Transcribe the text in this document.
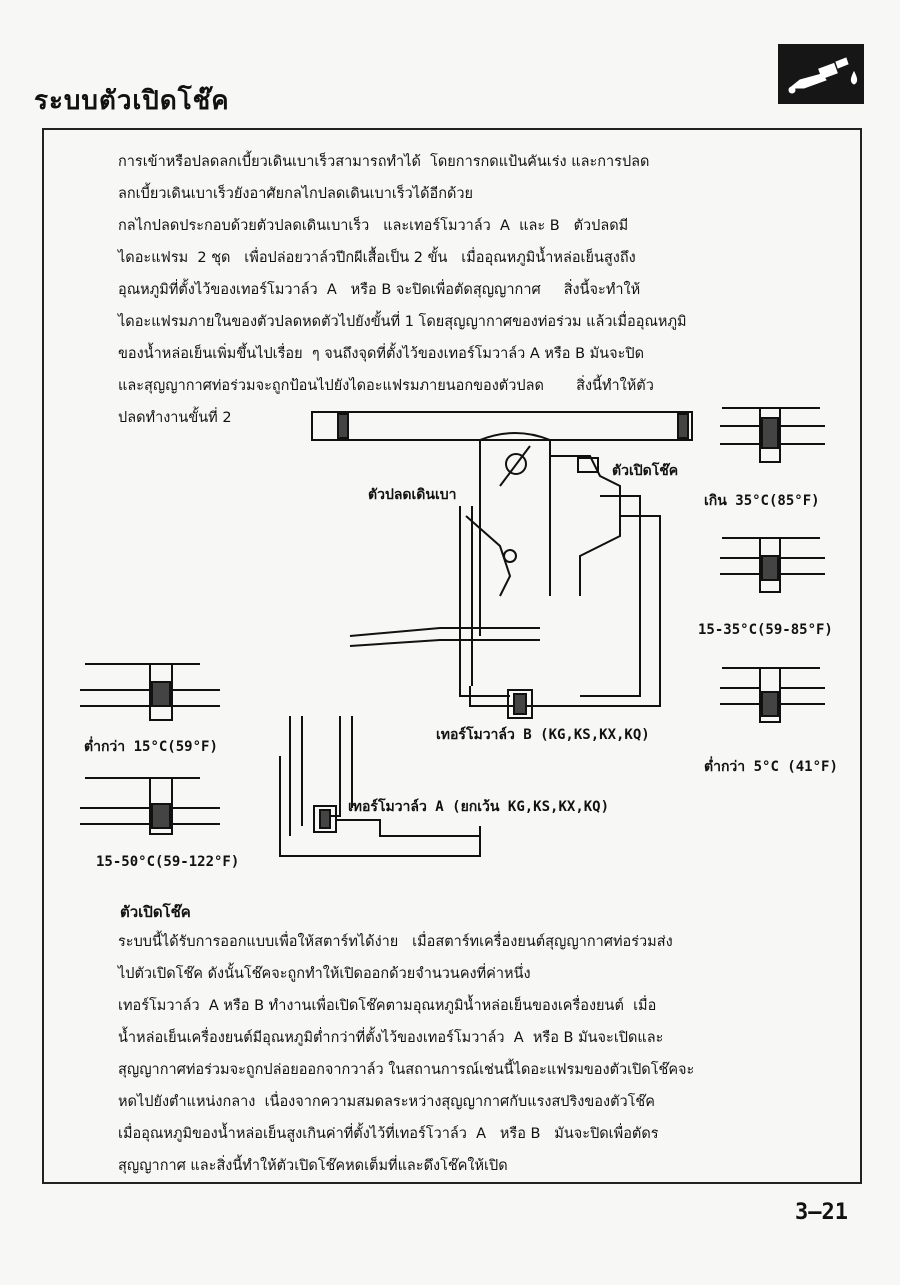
ระบบตัวเปิดโช๊ค
การเข้าหรือปลดลกเบี้ยวเดินเบาเร็วสามารถทำได้  โดยการกดแป้นคันเร่ง และการปลด
ลกเบี้ยวเดินเบาเร็วยังอาศัยกลไกปลดเดินเบาเร็วได้อีกด้วย
กลไกปลดประกอบด้วยตัวปลดเดินเบาเร็ว   และเทอร์โมวาล์ว  A  และ B   ตัวปลดมี
ไดอะแฟรม  2 ชุด   เพื่อปล่อยวาล์วปีกผีเสื้อเป็น 2 ขั้น   เมื่ออุณหภูมิน้ำหล่อเย็นสูงถึง
อุณหภูมิที่ตั้งไว้ของเทอร์โมวาล์ว  A   หรือ B จะปิดเพื่อตัดสุญญากาศ     สิ่งนี้จะทำให้
ไดอะแฟรมภายในของตัวปลดหดตัวไปยังขั้นที่ 1 โดยสุญญากาศของท่อร่วม แล้วเมื่ออุณหภูมิ
ของน้ำหล่อเย็นเพิ่มขึ้นไปเรื่อย  ๆ จนถึงจุดที่ตั้งไว้ของเทอร์โมวาล์ว A หรือ B มันจะปิด
และสุญญากาศท่อร่วมจะถูกป้อนไปยังไดอะแฟรมภายนอกของตัวปลด       สิ่งนี้ทำให้ตัว
ปลดทำงานขั้นที่ 2
ตัวปลดเดินเบา
ตัวเปิดโช๊ค
เทอร์โมวาล์ว B (KG,KS,KX,KQ)
เทอร์โมวาล์ว A (ยกเว้น KG,KS,KX,KQ)
เกิน 35°C(85°F)
15-35°C(59-85°F)
ต่ำกว่า 5°C (41°F)
ต่ำกว่า 15°C(59°F)
15-50°C(59-122°F)
ตัวเปิดโช๊ค
ระบบนี้ได้รับการออกแบบเพื่อให้สตาร์ทได้ง่าย   เมื่อสตาร์ทเครื่องยนต์สุญญากาศท่อร่วมส่ง
ไปตัวเปิดโช๊ค ดังนั้นโช๊คจะถูกทำให้เปิดออกด้วยจำนวนคงที่ค่าหนึ่ง
เทอร์โมวาล์ว  A หรือ B ทำงานเพื่อเปิดโช๊คตามอุณหภูมิน้ำหล่อเย็นของเครื่องยนต์  เมื่อ
น้ำหล่อเย็นเครื่องยนต์มีอุณหภูมิต่ำกว่าที่ตั้งไว้ของเทอร์โมวาล์ว  A  หรือ B มันจะเปิดและ
สุญญากาศท่อร่วมจะถูกปล่อยออกจากวาล์ว ในสถานการณ์เช่นนี้ไดอะแฟรมของตัวเปิดโช๊คจะ
หดไปยังตำแหน่งกลาง  เนื่องจากความสมดลระหว่างสุญญากาศกับแรงสปริงของตัวโช๊ค
เมื่ออุณหภูมิของน้ำหล่อเย็นสูงเกินค่าที่ตั้งไว้ที่เทอร์โวาล์ว  A   หรือ B   มันจะปิดเพื่อตัดร
สุญญากาศ และสิ่งนี้ทำให้ตัวเปิดโช๊คหดเต็มที่และดึงโช๊คให้เปิด
3–21
